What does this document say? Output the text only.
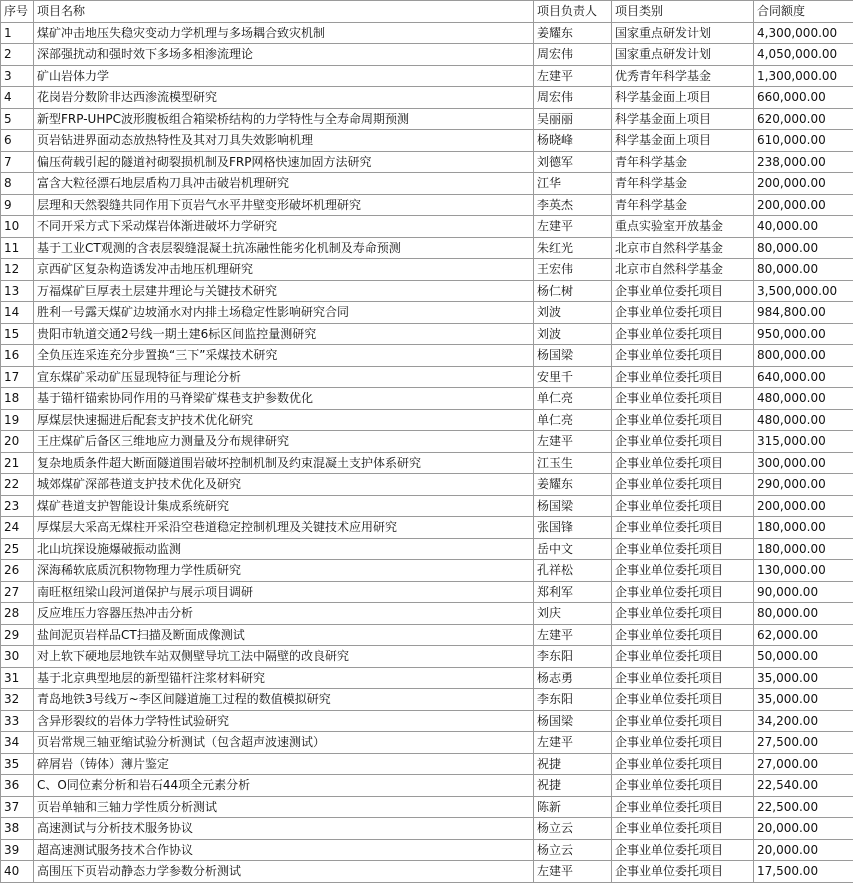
序号	项目名称	项目负责人	项目类别	合同额度
1	煤矿冲击地压失稳灾变动力学机理与多场耦合致灾机制	姜耀东	国家重点研发计划	4,300,000.00
2	深部强扰动和强时效下多场多相渗流理论	周宏伟	国家重点研发计划	4,050,000.00
3	矿山岩体力学	左建平	优秀青年科学基金	1,300,000.00
4	花岗岩分数阶非达西渗流模型研究	周宏伟	科学基金面上项目	660,000.00
5	新型FRP-UHPC波形腹板组合箱梁桥结构的力学特性与全寿命周期预测	吴丽丽	科学基金面上项目	620,000.00
6	页岩钻进界面动态放热特性及其对刀具失效影响机理	杨晓峰	科学基金面上项目	610,000.00
7	偏压荷载引起的隧道衬砌裂损机制及FRP网格快速加固方法研究	刘德军	青年科学基金	238,000.00
8	富含大粒径漂石地层盾构刀具冲击破岩机理研究	江华	青年科学基金	200,000.00
9	层理和天然裂缝共同作用下页岩气水平井壁变形破坏机理研究	李英杰	青年科学基金	200,000.00
10	不同开采方式下采动煤岩体渐进破坏力学研究	左建平	重点实验室开放基金	40,000.00
11	基于工业CT观测的含表层裂缝混凝土抗冻融性能劣化机制及寿命预测	朱红光	北京市自然科学基金	80,000.00
12	京西矿区复杂构造诱发冲击地压机理研究	王宏伟	北京市自然科学基金	80,000.00
13	万福煤矿巨厚表土层建井理论与关键技术研究	杨仁树	企事业单位委托项目	3,500,000.00
14	胜利一号露天煤矿边坡涌水对内排土场稳定性影响研究合同	刘波	企事业单位委托项目	984,800.00
15	贵阳市轨道交通2号线一期土建6标区间监控量测研究	刘波	企事业单位委托项目	950,000.00
16	全负压连采连充分步置换“三下”采煤技术研究	杨国梁	企事业单位委托项目	800,000.00
17	宣东煤矿采动矿压显现特征与理论分析	安里千	企事业单位委托项目	640,000.00
18	基于锚杆锚索协同作用的马脊梁矿煤巷支护参数优化	单仁亮	企事业单位委托项目	480,000.00
19	厚煤层快速掘进后配套支护技术优化研究	单仁亮	企事业单位委托项目	480,000.00
20	王庄煤矿后备区三维地应力测量及分布规律研究	左建平	企事业单位委托项目	315,000.00
21	复杂地质条件超大断面隧道围岩破坏控制机制及约束混凝土支护体系研究	江玉生	企事业单位委托项目	300,000.00
22	城郊煤矿深部巷道支护技术优化及研究	姜耀东	企事业单位委托项目	290,000.00
23	煤矿巷道支护智能设计集成系统研究	杨国梁	企事业单位委托项目	200,000.00
24	厚煤层大采高无煤柱开采沿空巷道稳定控制机理及关键技术应用研究	张国锋	企事业单位委托项目	180,000.00
25	北山坑探设施爆破振动监测	岳中文	企事业单位委托项目	180,000.00
26	深海稀软底质沉积物物理力学性质研究	孔祥松	企事业单位委托项目	130,000.00
27	南旺枢纽梁山段河道保护与展示项目调研	郑利军	企事业单位委托项目	90,000.00
28	反应堆压力容器压热冲击分析	刘庆	企事业单位委托项目	80,000.00
29	盐间泥页岩样品CT扫描及断面成像测试	左建平	企事业单位委托项目	62,000.00
30	对上软下硬地层地铁车站双侧壁导坑工法中隔壁的改良研究	李东阳	企事业单位委托项目	50,000.00
31	基于北京典型地层的新型锚杆注浆材料研究	杨志勇	企事业单位委托项目	35,000.00
32	青岛地铁3号线万~李区间隧道施工过程的数值模拟研究	李东阳	企事业单位委托项目	35,000.00
33	含异形裂纹的岩体力学特性试验研究	杨国梁	企事业单位委托项目	34,200.00
34	页岩常规三轴亚缩试验分析测试（包含超声波速测试）	左建平	企事业单位委托项目	27,500.00
35	碎屑岩（铸体）薄片鉴定	祝捷	企事业单位委托项目	27,000.00
36	C、O同位素分析和岩石44项全元素分析	祝捷	企事业单位委托项目	22,540.00
37	页岩单轴和三轴力学性质分析测试	陈新	企事业单位委托项目	22,500.00
38	高速测试与分析技术服务协议	杨立云	企事业单位委托项目	20,000.00
39	超高速测试服务技术合作协议	杨立云	企事业单位委托项目	20,000.00
40	高围压下页岩动静态力学参数分析测试	左建平	企事业单位委托项目	17,500.00
